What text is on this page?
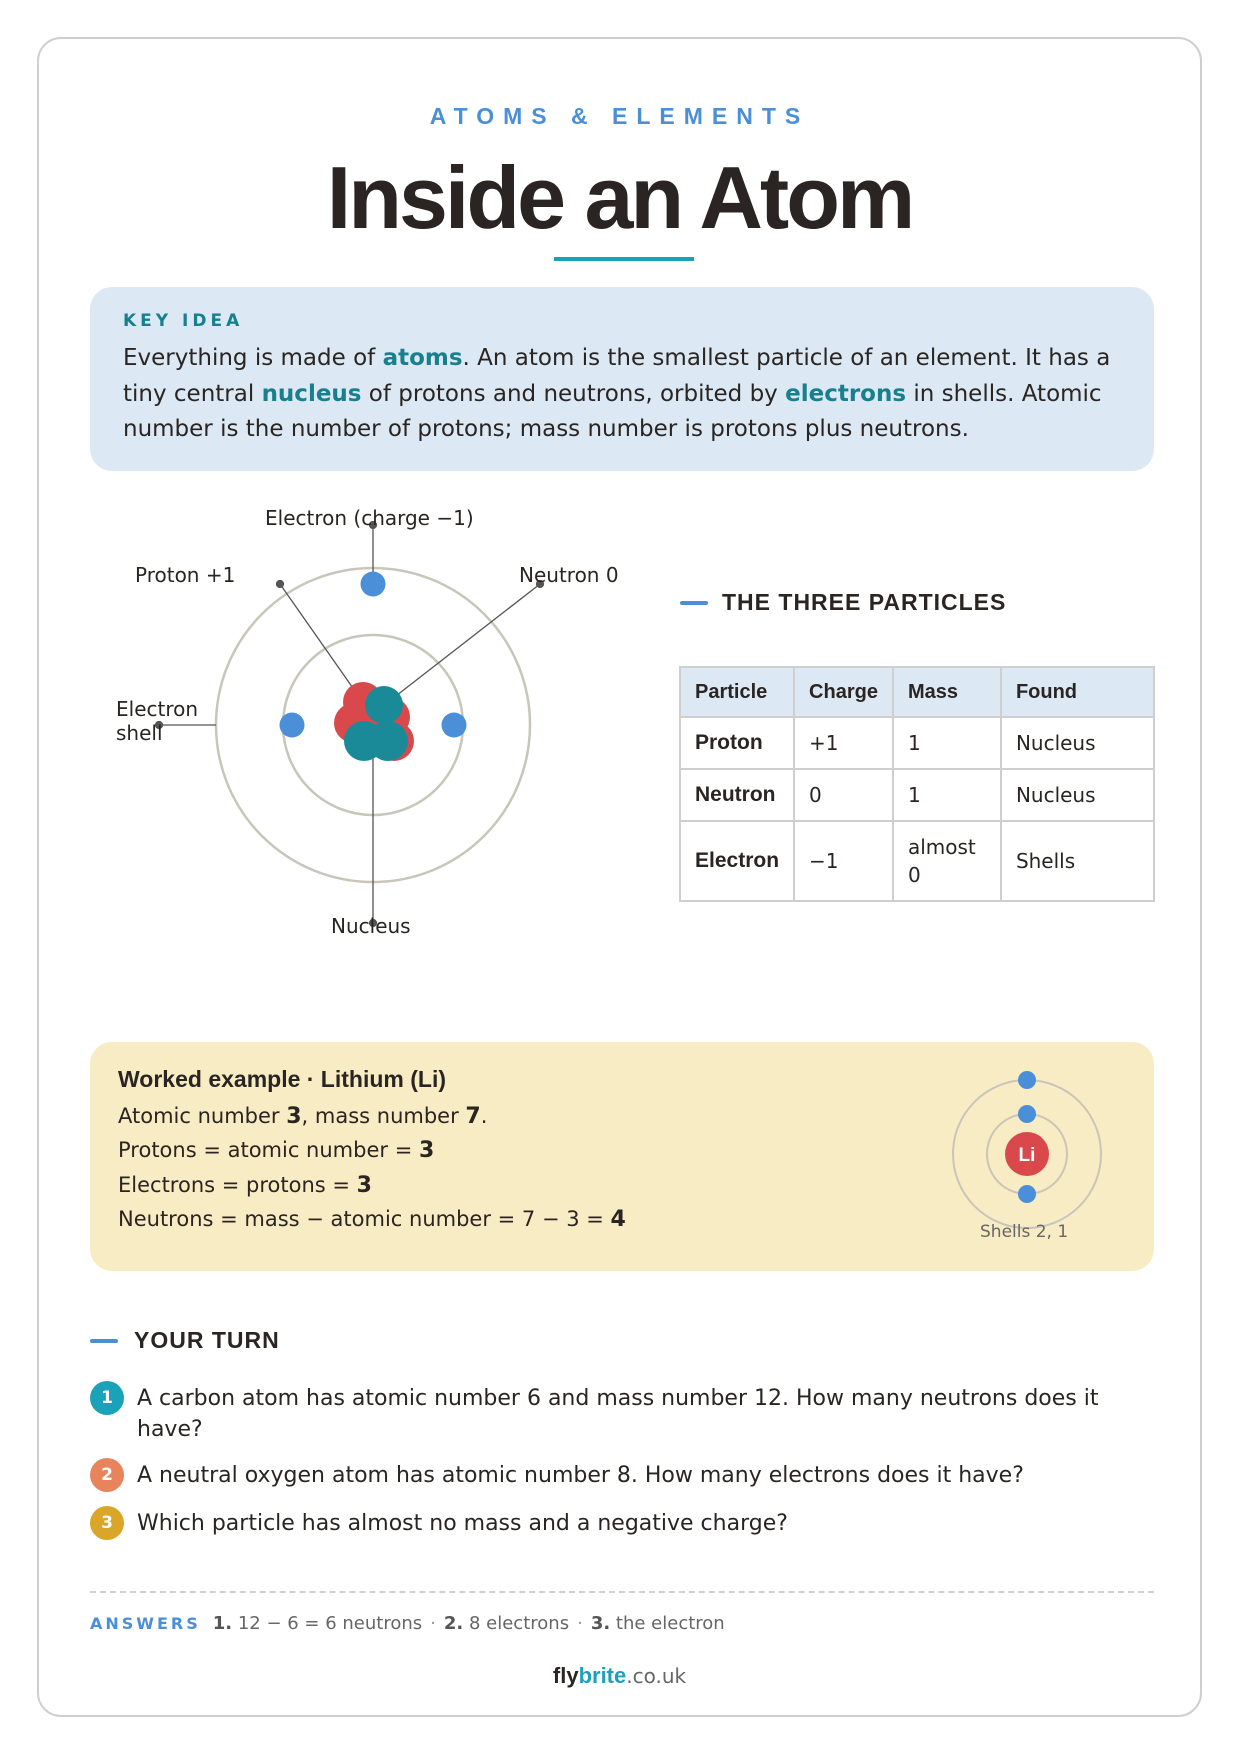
ATOMS & ELEMENTS
Inside an Atom
KEY IDEA
Everything is made of atoms. An atom is the smallest particle of an element. It has a tiny central nucleus of protons and neutrons, orbited by electrons in shells. Atomic number is the number of protons; mass number is protons plus neutrons.
Electron (charge −1)
Proton +1	Neutron 0
Electron
shell
Nucleus
THE THREE PARTICLES
Particle	Charge	Mass	Found
Proton	+1	1	Nucleus
Neutron	0	1	Nucleus
Electron	−1	almost 0	Shells
Worked example · Lithium (Li)
Atomic number 3, mass number 7.
Protons = atomic number = 3
Electrons = protons = 3
Neutrons = mass − atomic number = 7 − 3 = 4
Li
Shells 2, 1
YOUR TURN
1	A carbon atom has atomic number 6 and mass number 12. How many neutrons does it have?
2	A neutral oxygen atom has atomic number 8. How many electrons does it have?
3	Which particle has almost no mass and a negative charge?
ANSWERS 1. 12 − 6 = 6 neutrons · 2. 8 electrons · 3. the electron
flybrite.co.uk
